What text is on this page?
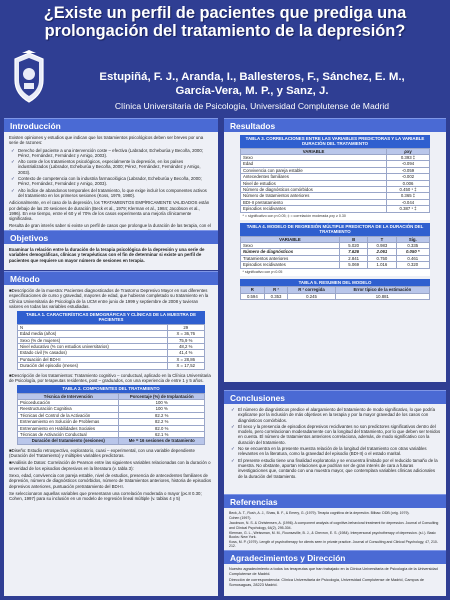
¿Existe un perfil de pacientes que prediga una prolongación del tratamiento de la depresión?
Estupiñá, F. J., Aranda, I., Ballesteros, F., Sánchez, E. M.,
García-Vera, M. P., y Sanz, J.
Clínica Universitaria de Psicología, Universidad Complutense de Madrid
Introducción

Existen opiniones y estudios que indican que los tratamientos psicológicos deben ser breves por una serie de razones:

✓ Derecho del paciente a una intervención coste – efectiva (Labrador, Echeburúa y Becoña, 2000; Pérez, Fernández, Fernández y Amigo, 2003).
✓ Alto coste de los tratamientos psicológicos, especialmente la depresión, en los países industrializados (Labrador, Echeburúa y Becoña, 2000; Pérez, Fernández, Fernández y Amigo, 2003).
✓ Contexto de competencia con la industria farmacológica (Labrador, Echeburúa y Becoña, 2000; Pérez, Fernández, Fernández y Amigo, 2003).
✓ Alto índice de abandonos temporales del tratamiento, lo que exige incluir los componentes activos del tratamiento en los primeros sesiones (Koss, 1979, 1980).

Adicionalmente, en el caso de la depresión, los TRATAMIENTOS EMPÍRICAMENTE VALIDADOS están por debajo de las 20 sesiones de duración (Beck et al., 1979; Klerman et al., 1984; Jacobson et al., 1996). En ese tiempo, entre el 60 y el 70% de los casos experimenta una mejoría clínicamente significativa.

Resulta de gran interés saber si existe un perfil de casos que prolongue la duración de las terapia, con el

Objetivos

Examinar la relación entre la duración de la terapia psicológica de la depresión y una serie de variables demográficas, clínicas y terapéuticas con el fin de determinar si existe un perfil de pacientes que requiere un mayor número de sesiones en terapia.

Método

■Descripción de la muestra: Pacientes diagnosticados de Trastorno Depresivo Mayor en sus diferentes especificaciones de curso y gravedad, mayores de edad, que hubieran completado su tratamiento en la Clínica Universitaria de Psicología de la UCM entre junio de 1999 y septiembre de 2008 y tuvieran valores en todas las variables estudiadas.

TABLA 1. CARACTERÍSTICAS DEMOGRÁFICAS Y CLÍNICAS DE LA MUESTRA DE PACIENTES
N	29
Edad media (años)	X = 36,76
Sexo (% de mujeres)	75,9 %
Nivel educativo (% con estudios universitarios)	48,2 %
Estado civil (% casados)	41,4 %
Puntuación del BDI-II	X = 28,86
Duración del episodio (meses)	X = 17,52

■Descripción de los tratamientos: Tratamiento cognitivo – conductual, aplicado en la Clínica Universitaria de Psicología, por terapeutas residentes, post – graduados, con una experiencia de entre 1 y 5 años.

TABLA 2. COMPONENTES DEL TRATAMIENTO
Técnica de Intervención	Porcentaje (%) de Implantación
Psicoeducación	100 %
Reestructuración Cognitiva	100 %
Técnicas del Control de la Activación	82.2 %
Entrenamiento en Solución de Problemas	82.2 %
Entrenamiento en Habilidades Sociales	82.0 %
Técnicas de Activación Conductual	62.1 %
Duración del tratamiento (sesiones)	Me = 16 sesiones de tratamiento

■Diseño: Estudio retrospectivo, exploratorio, cuasi – experimental, con una variable dependiente (Duración del Tratamiento) y múltiples variables predictoras.

■Análisis de Datos: Correlación de Pearson entre las siguientes variables relacionadas con la duración o severidad de los episodios depresivos en la literatura (v. tabla 3):

Sexo, edad, convivencia con pareja estable, nivel de estudios, presencia de antecedentes familiares de depresión, número de diagnósticos comórbidos, número de tratamientos anteriores, historia de episodios depresivos anteriores, puntuación pretratamiento del BDI-II.

Se seleccionaron aquellas variables que presentaran una correlación moderada o mayor (p≤.8 0.30; Cohen, 1997) para su inclusión en un modelo de regresión lineal múltiple (v. tablas 4 y 5)

Resultados
TABLA 3. CORRELACIONES ENTRE LAS VARIABLES PREDICTORAS Y LA VARIABLE DURACIÓN DEL TRATAMIENTO
VARIABLE	ρxy
Sexo	0.393 ‡
Edad	-0.094
Convivencia con pareja estable	-0.059
Antecedentes familiares	-0.002
Nivel de estudios	0.006
Número de diagnósticos comórbidos	0.450 ¹ ‡
Número de tratamientos anteriores	0.365 ‡
BDI-II pretratamiento	-0.044
Episodios recidivantes	0.387 ¹ ‡
* = significativo con p<0.05; ‡ = correlación moderada ρxy ≥ 0.30	
TABLA 4. MODELO DE REGRESIÓN MÚLTIPLE PREDICTORA DE LA DURACIÓN DEL TRATAMIENTO
VARIABLE	B	T	Sig.
Sexo	5.020	0.983	0.335
Número de diagnósticos	7.626	2.061	0.050 *
Tratamientos anteriores	2.841	0.750	0.461
Episodios recidivantes	5.069	1.016	0.320
* significativo con p<0.05			
TABLA 5. RESUMEN DEL MODELO
R	R ²	R ² corregida	Error típico de la estimación
0.594	0.353	0.245	10.881
Conclusiones
✓ El número de diagnósticos predice el alargamiento del tratamiento de modo significativo, lo que podría explicarse por la inclusión de más objetivos en la terapia y por la mayor gravedad de los casos con diagnósticos comórbidos.
✓ El sexo y la presencia de episodios depresivos recidivantes no son predictores significativos dentro del modelo, pero correlacionan moderadamente con la longitud del tratamiento, por lo que deben ser tenidos en cuenta. El número de tratamientos anteriores correlaciona, además, de modo significativo con la duración del tratamiento.
✓ No se encuentra en la presente muestra relación de la longitud del tratamiento con otras variables relevantes en la literatura, como la gravedad del episodio (BDI-II) o el estado marital.
✓ El presente estudio tiene una finalidad exploratoria y se encuentra limitado por el reducido tamaño de la muestra. No obstante, aportan relaciones que podrían ser de gran interés de cara a futuras investigaciones que, contando con una muestra mayor, que contemplara variables clínicas adicionales de la duración del tratamiento.
Referencias

Beck, A. T., Rush, A. J., Shaw, B. F., & Emery, G. (1979). Terapia cognitiva de la depresión. Bilbao: DDB (orig. 1979).

Cohen (1997).

Jacobson, N. S. & Christensen, A. (1996). A component analysis of cognitive-behavioral treatment for depression. Journal of Consulting and Clinical Psychology, 64(2), 295-304.

Klerman, G. L., Weissman, M. M., Rounsaville, B. J., & Chevron, E. S. (1984). Interpersonal psychotherapy of depression. (s.l.). Basic Books: New York.

Koss, M. P. (1979). Length of psychotherapy for clients seen in private practice. Journal of Consulting and Clinical Psychology, 47, 210-212.

Agradecimientos y Dirección

Nuestro agradecimiento a todos los terapeutas que han trabajado en la Clínica Universitaria de Psicología de la Universidad Complutense de Madrid.

Dirección de correspondencia: Clínica Universitaria de Psicología, Universidad Complutense de Madrid, Campus de Somosaguas, 28223 Madrid.
